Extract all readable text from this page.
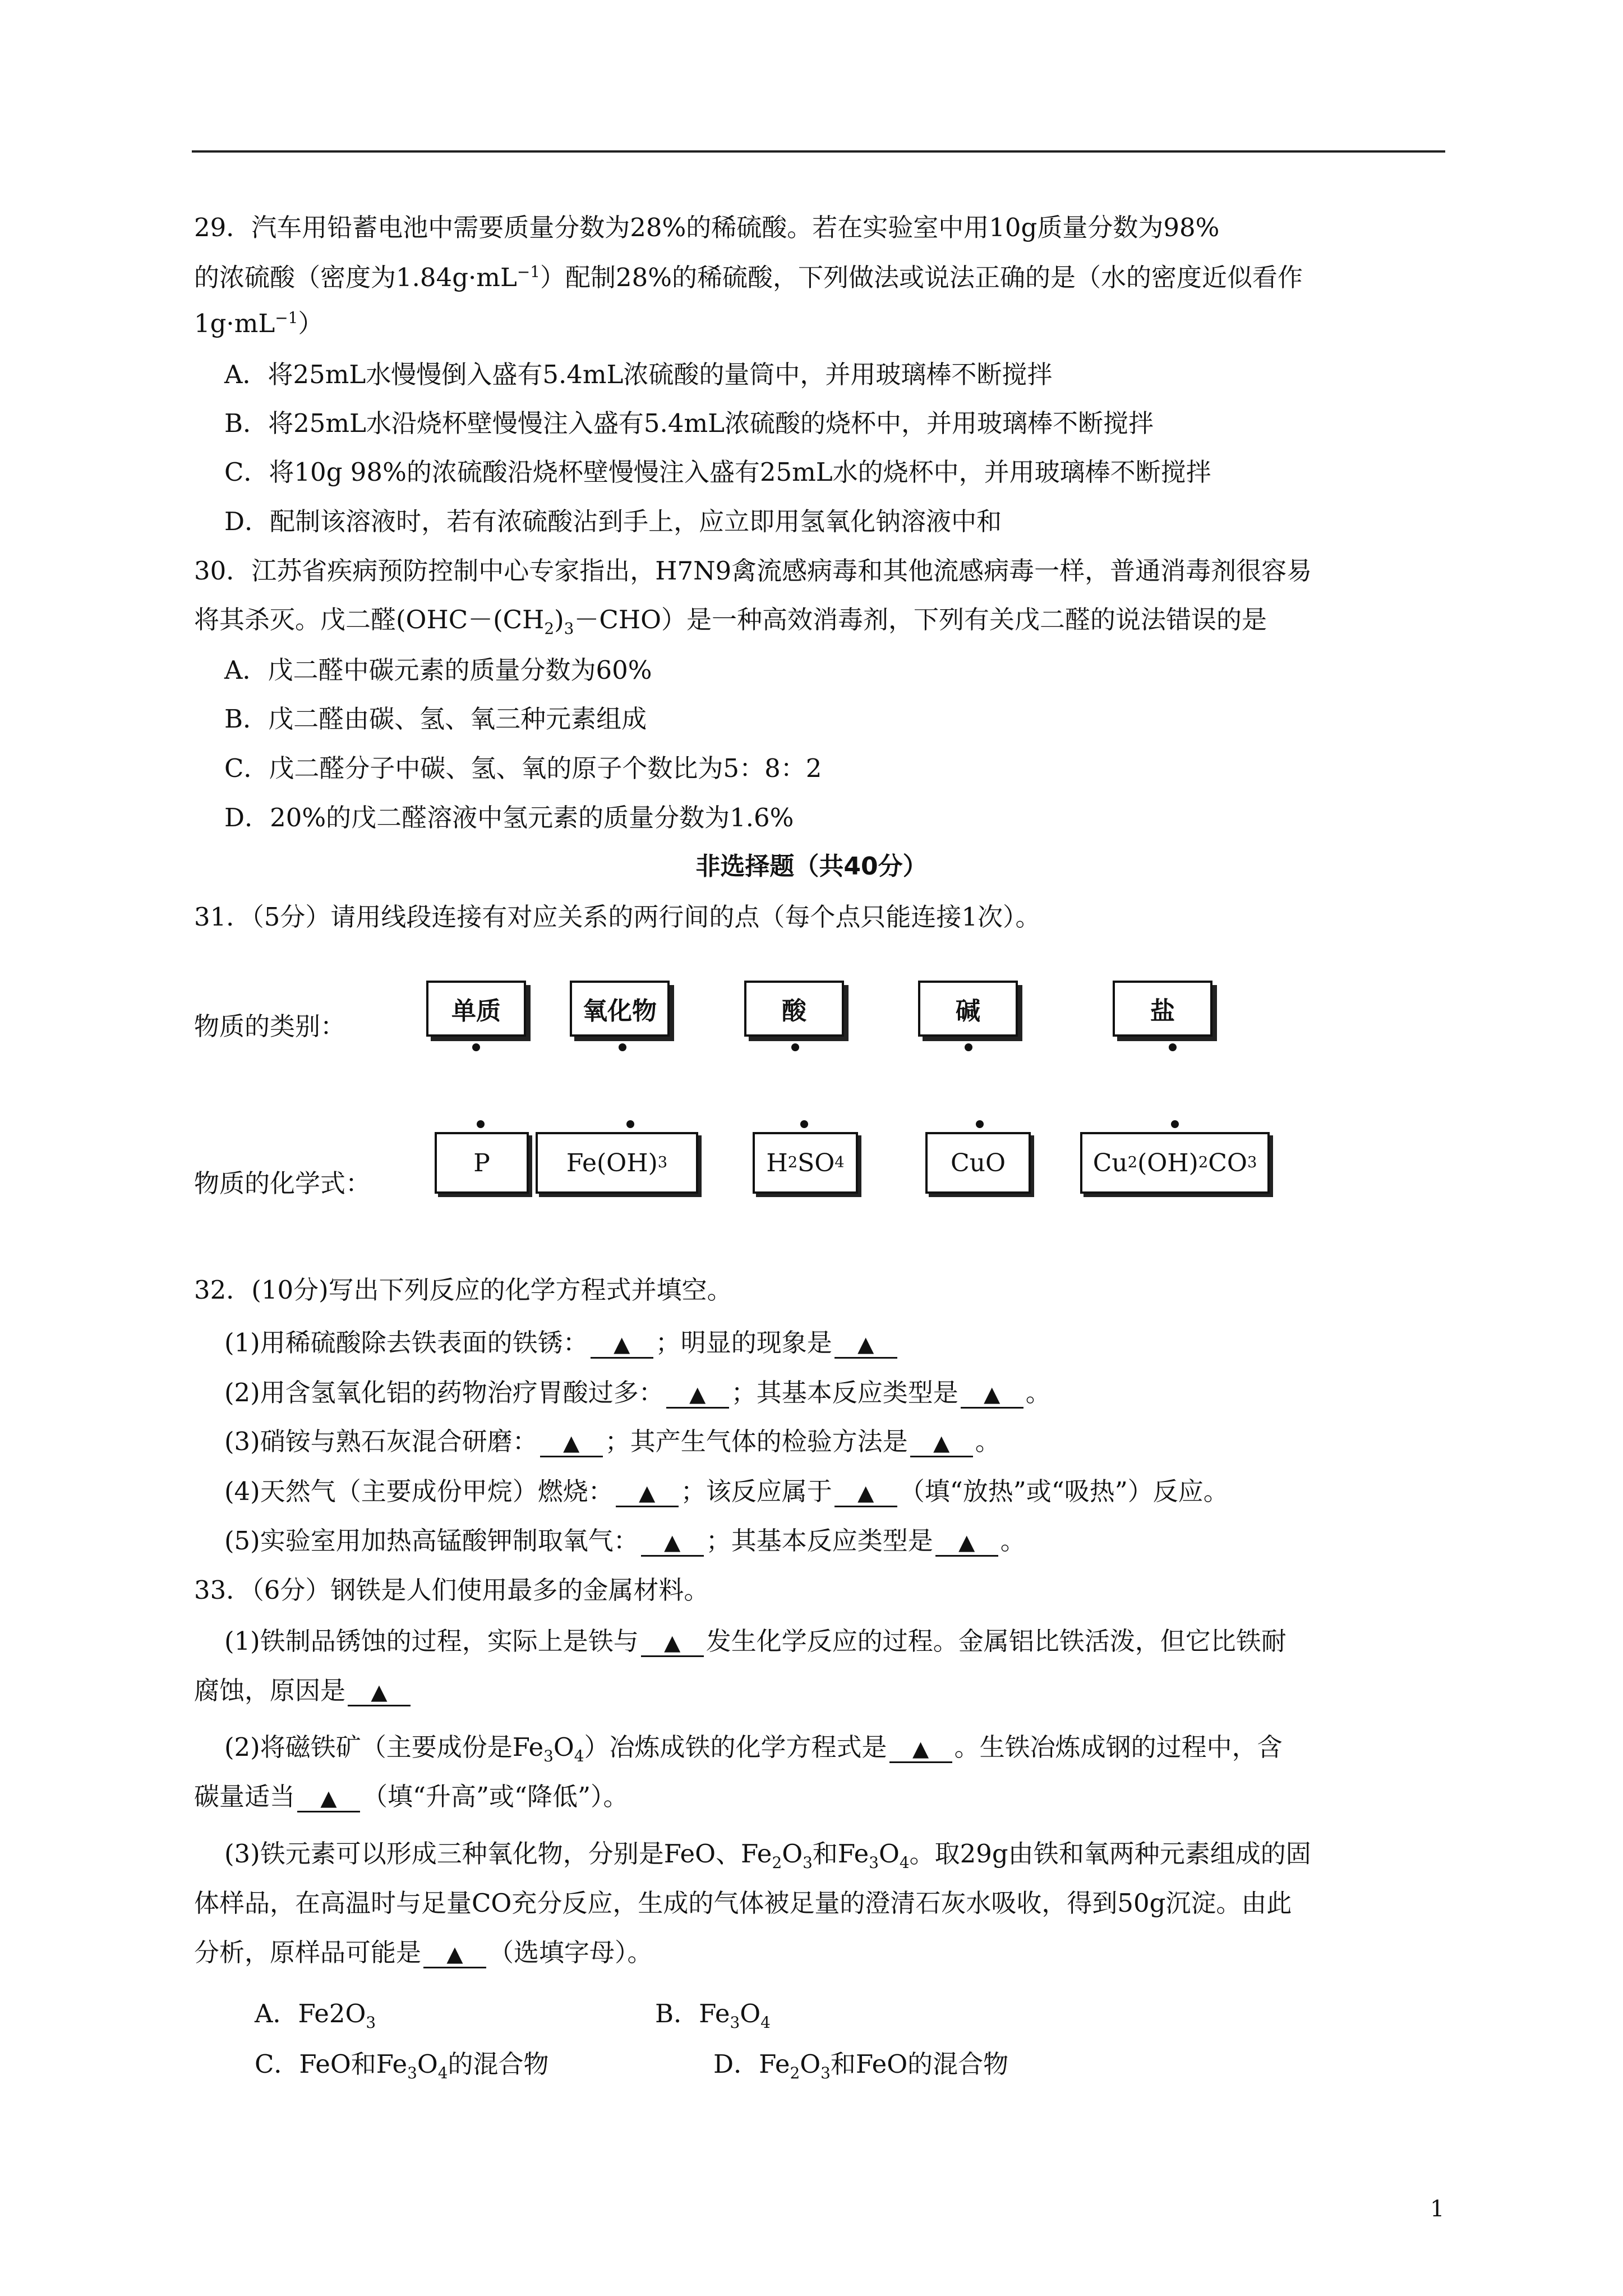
29．汽车用铅蓄电池中需要质量分数为28%的稀硫酸。若在实验室中用10g质量分数为98%
的浓硫酸（密度为$1.84g\cdot mL^{-1}$）配制28%的稀硫酸，下列做法或说法正确的是（水的密度近似看作
$1g\cdot mL^{-1}$）
A．将25mL水慢慢倒入盛有5.4mL浓硫酸的量筒中，并用玻璃棒不断搅拌
B．将25mL水沿烧杯壁慢慢注入盛有5.4mL浓硫酸的烧杯中，并用玻璃棒不断搅拌
C．将10g 98%的浓硫酸沿烧杯壁慢慢注入盛有25mL水的烧杯中，并用玻璃棒不断搅拌
D．配制该溶液时，若有浓硫酸沾到手上，应立即用氢氧化钠溶液中和
30．江苏省疾病预防控制中心专家指出，H7N9禽流感病毒和其他流感病毒一样，普通消毒剂很容易
将其杀灭。戊二醛$(OHC-(CH_2)_3-CHO)$是一种高效消毒剂，下列有关戊二醛的说法错误的是
A．戊二醛中碳元素的质量分数为60%
B．戊二醛由碳、氢、氧三种元素组成
C．戊二醛分子中碳、氢、氧的原子个数比为5：8：2
D．20%的戊二醛溶液中氢元素的质量分数为1.6%
非选择题（共40分）
31．（5分）请用线段连接有对应关系的两行间的点（每个点只能连接1次）。
物质的类别：
单质	氧化物	酸	碱	盐
物质的化学式：
P	Fe(OH) 3	H 2 SO 4	CuO	Cu 2 (OH) 2 CO 3
32．(10分)写出下列反应的化学方程式并填空。
(1)用稀硫酸除去铁表面的铁锈： ▲ ；明显的现象是 ▲
(2)用含氢氧化铝的药物治疗胃酸过多： ▲ ；其基本反应类型是 ▲ 。
(3)硝铵与熟石灰混合研磨： ▲ ；其产生气体的检验方法是 ▲ 。
(4)天然气（主要成份甲烷）燃烧： ▲ ；该反应属于 ▲ （填“放热”或“吸热”）反应。
(5)实验室用加热高锰酸钾制取氧气： ▲ ；其基本反应类型是 ▲ 。
33．（6分）钢铁是人们使用最多的金属材料。
(1)铁制品锈蚀的过程，实际上是铁与 ▲ 发生化学反应的过程。金属铝比铁活泼，但它比铁耐
腐蚀，原因是 ▲
(2)将磁铁矿（主要成份是$Fe_3O_4$）冶炼成铁的化学方程式是 ▲ 。生铁冶炼成钢的过程中，含
碳量适当 ▲ （填“升高”或“降低”）。
(3)铁元素可以形成三种氧化物，分别是FeO、$Fe_2O_3$和$Fe_3O_4$。取29g由铁和氧两种元素组成的固
体样品，在高温时与足量CO充分反应，生成的气体被足量的澄清石灰水吸收，得到50g沉淀。由此
分析，原样品可能是 ▲ （选填字母）。
A．$Fe2O_3$	B．$Fe_3O_4$
C．FeO和$Fe_3O_4$的混合物	D．$Fe_2O_3$和FeO的混合物
1
